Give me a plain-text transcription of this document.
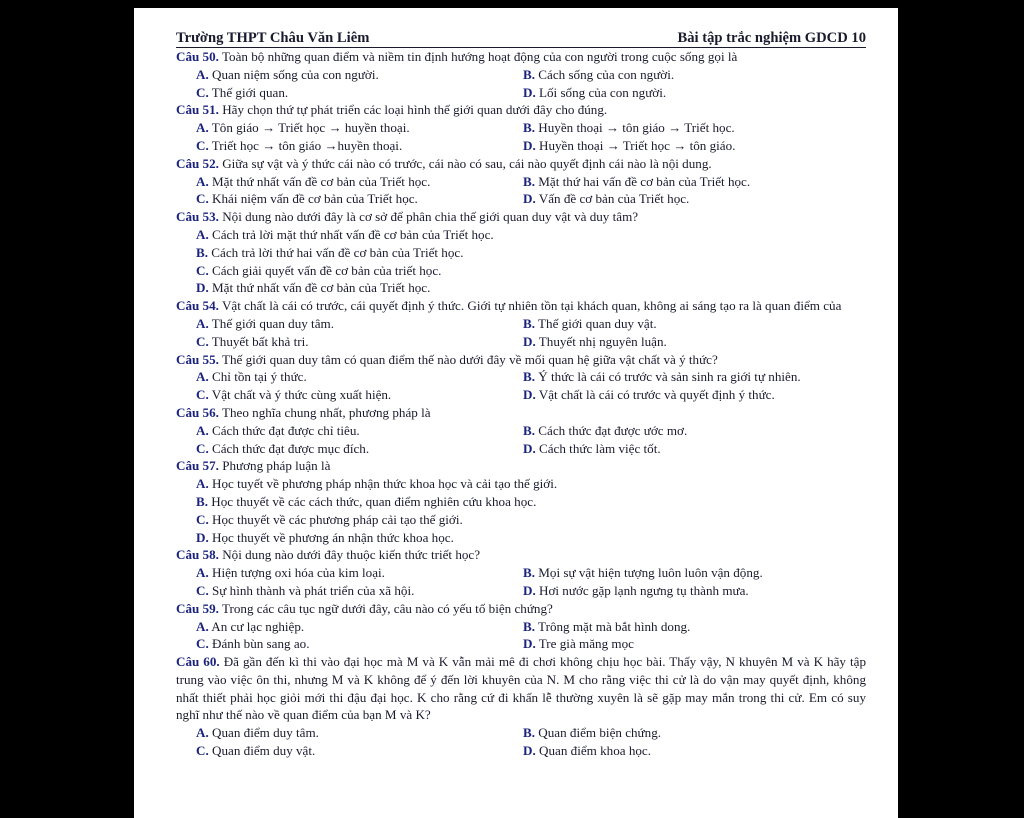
Trường THPT Châu Văn Liêm	Bài tập trắc nghiệm GDCD 10
Câu 50. Toàn bộ những quan điểm và niềm tin định hướng hoạt động của con người trong cuộc sống gọi là
A. Quan niệm sống của con người.	B. Cách sống của con người.
C. Thế giới quan.	D. Lối sống của con người.
Câu 51. Hãy chọn thứ tự phát triển các loại hình thế giới quan dưới đây cho đúng.
A. Tôn giáo → Triết học → huyền thoại.	B. Huyền thoại → tôn giáo → Triết học.
C. Triết học → tôn giáo →huyền thoại.	D. Huyền thoại → Triết học → tôn giáo.
Câu 52. Giữa sự vật và ý thức cái nào có trước, cái nào có sau, cái nào quyết định cái nào là nội dung.
A. Mặt thứ nhất vấn đề cơ bản của Triết học.	B. Mặt thứ hai vấn đề cơ bản của Triết học.
C. Khái niệm vấn đề cơ bản của Triết học.	D. Vấn đề cơ bản của Triết học.
Câu 53. Nội dung nào dưới đây là cơ sở để phân chia thế giới quan duy vật và duy tâm?
A. Cách trả lời mặt thứ nhất vấn đề cơ bản của Triết học.
B. Cách trả lời thứ hai vấn đề cơ bản của Triết học.
C. Cách giải quyết vấn đề cơ bản của triết học.
D. Mặt thứ nhất vấn đề cơ bản của Triết học.
Câu 54. Vật chất là cái có trước, cái quyết định ý thức. Giới tự nhiên tồn tại khách quan, không ai sáng tạo ra là quan điểm của
A. Thế giới quan duy tâm.	B. Thế giới quan duy vật.
C. Thuyết bất khả tri.	D. Thuyết nhị nguyên luận.
Câu 55. Thế giới quan duy tâm có quan điểm thế nào dưới đây về mối quan hệ giữa vật chất và ý thức?
A. Chỉ tồn tại ý thức.	B. Ý thức là cái có trước và sản sinh ra giới tự nhiên.
C. Vật chất và ý thức cùng xuất hiện.	D. Vật chất là cái có trước và quyết định ý thức.
Câu 56. Theo nghĩa chung nhất, phương pháp là
A. Cách thức đạt được chỉ tiêu.	B. Cách thức đạt được ước mơ.
C. Cách thức đạt được mục đích.	D. Cách thức làm việc tốt.
Câu 57. Phương pháp luận là
A. Học tuyết về phương pháp nhận thức khoa học và cải tạo thế giới.
B. Học thuyết về các cách thức, quan điểm nghiên cứu khoa học.
C. Học thuyết về các phương pháp cải tạo thế giới.
D. Học thuyết về phương án nhận thức khoa học.
Câu 58. Nội dung nào dưới đây thuộc kiến thức triết học?
A. Hiện tượng oxi hóa của kim loại.	B. Mọi sự vật hiện tượng luôn luôn vận động.
C. Sự hình thành và phát triển của xã hội.	D. Hơi nước gặp lạnh ngưng tụ thành mưa.
Câu 59. Trong các câu tục ngữ dưới đây, câu nào có yếu tố biện chứng?
A. An cư lạc nghiệp.	B. Trông mặt mà bắt hình dong.
C. Đánh bùn sang ao.	D. Tre già măng mọc
Câu 60. Đã gần đến kì thi vào đại học mà M và K vẫn mải mê đi chơi không chịu học bài. Thấy vậy, N khuyên M và K hãy tập trung vào việc ôn thi, nhưng M và K không để ý đến lời khuyên của N. M cho rằng việc thi cử là do vận may quyết định, không nhất thiết phải học giỏi mới thi đậu đại học. K cho rằng cứ đi khấn lễ thường xuyên là sẽ gặp may mắn trong thi cử. Em có suy nghĩ như thế nào về quan điểm của bạn M và K?
A. Quan điểm duy tâm.	B. Quan điểm biện chứng.
C. Quan điểm duy vật.	D. Quan điểm khoa học.
